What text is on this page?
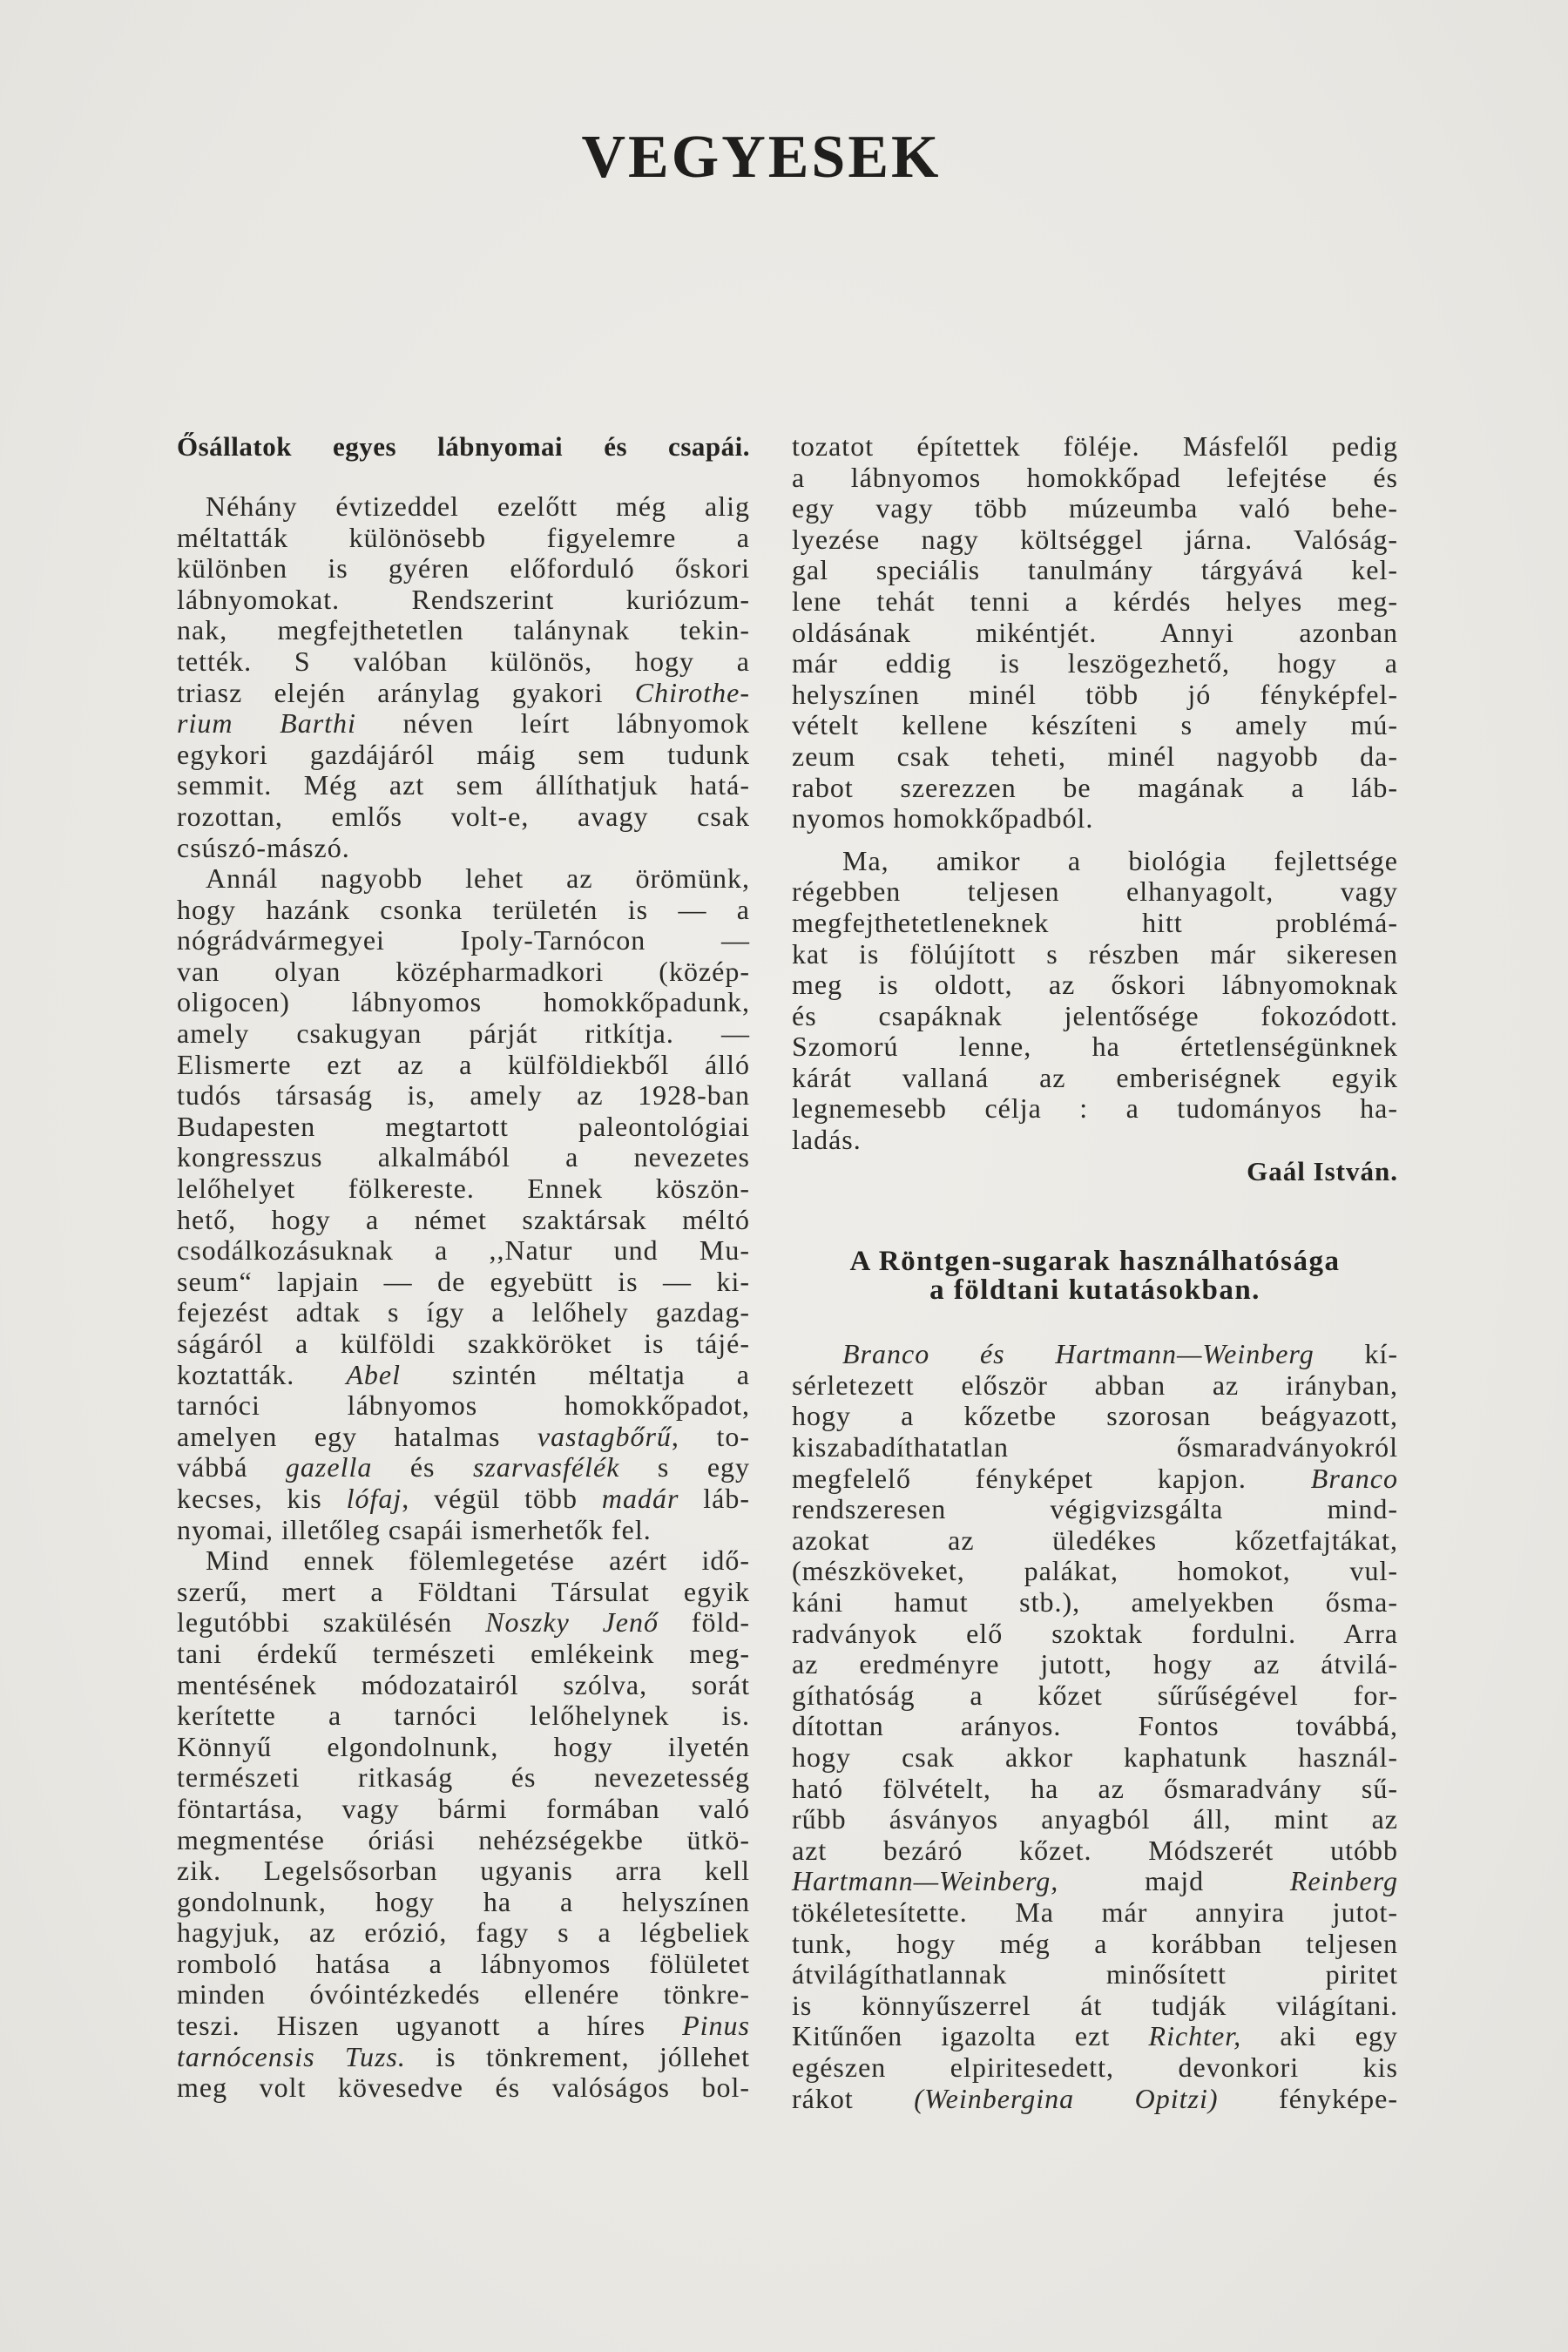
VEGYESEK
Ősállatok egyes lábnyomai és csapái.
Néhány évtizeddel ezelőtt még alig
méltatták különösebb figyelemre a
különben is gyéren előforduló őskori
lábnyomokat. Rendszerint kuriózum-
nak, megfejthetetlen talánynak tekin-
tették. S valóban különös, hogy a
triasz elején aránylag gyakori Chirothe-
rium Barthi néven leírt lábnyomok
egykori gazdájáról máig sem tudunk
semmit. Még azt sem állíthatjuk hatá-
rozottan, emlős volt-e, avagy csak
csúszó-mászó.
Annál nagyobb lehet az örömünk,
hogy hazánk csonka területén is — a
nógrádvármegyei Ipoly-Tarnócon —
van olyan középharmadkori (közép-
oligocen) lábnyomos homokkőpadunk,
amely csakugyan párját ritkítja. —
Elismerte ezt az a külföldiekből álló
tudós társaság is, amely az 1928-ban
Budapesten megtartott paleontológiai
kongresszus alkalmából a nevezetes
lelőhelyet fölkereste. Ennek köszön-
hető, hogy a német szaktársak méltó
csodálkozásuknak a ,,Natur und Mu-
seum“ lapjain — de egyebütt is — ki-
fejezést adtak s így a lelőhely gazdag-
ságáról a külföldi szakköröket is tájé-
koztatták. Abel szintén méltatja a
tarnóci lábnyomos homokkőpadot,
amelyen egy hatalmas vastagbőrű, to-
vábbá gazella és szarvasfélék s egy
kecses, kis lófaj, végül több madár láb-
nyomai, illetőleg csapái ismerhetők fel.
Mind ennek fölemlegetése azért idő-
szerű, mert a Földtani Társulat egyik
legutóbbi szakülésén Noszky Jenő föld-
tani érdekű természeti emlékeink meg-
mentésének módozatairól szólva, sorát
kerítette a tarnóci lelőhelynek is.
Könnyű elgondolnunk, hogy ilyetén
természeti ritkaság és nevezetesség
föntartása, vagy bármi formában való
megmentése óriási nehézségekbe ütkö-
zik. Legelsősorban ugyanis arra kell
gondolnunk, hogy ha a helyszínen
hagyjuk, az erózió, fagy s a légbeliek
romboló hatása a lábnyomos fölületet
minden óvóintézkedés ellenére tönkre-
teszi. Hiszen ugyanott a híres Pinus
tarnócensis Tuzs. is tönkrement, jóllehet
meg volt kövesedve és valóságos bol-
tozatot építettek föléje. Másfelől pedig
a lábnyomos homokkőpad lefejtése és
egy vagy több múzeumba való behe-
lyezése nagy költséggel járna. Valóság-
gal speciális tanulmány tárgyává kel-
lene tehát tenni a kérdés helyes meg-
oldásának mikéntjét. Annyi azonban
már eddig is leszögezhető, hogy a
helyszínen minél több jó fényképfel-
vételt kellene készíteni s amely mú-
zeum csak teheti, minél nagyobb da-
rabot szerezzen be magának a láb-
nyomos homokkőpadból.
Ma, amikor a biológia fejlettsége
régebben teljesen elhanyagolt, vagy
megfejthetetleneknek hitt problémá-
kat is fölújított s részben már sikeresen
meg is oldott, az őskori lábnyomoknak
és csapáknak jelentősége fokozódott.
Szomorú lenne, ha értetlenségünknek
kárát vallaná az emberiségnek egyik
legnemesebb célja : a tudományos ha-
ladás.
Gaál István.
A Röntgen-sugarak használhatósága
a földtani kutatásokban.
Branco és Hartmann—Weinberg kí-
sérletezett először abban az irányban,
hogy a kőzetbe szorosan beágyazott,
kiszabadíthatatlan ősmaradványokról
megfelelő fényképet kapjon. Branco
rendszeresen végigvizsgálta mind-
azokat az üledékes kőzetfajtákat,
(mészköveket, palákat, homokot, vul-
káni hamut stb.), amelyekben ősma-
radványok elő szoktak fordulni. Arra
az eredményre jutott, hogy az átvilá-
gíthatóság a kőzet sűrűségével for-
dítottan arányos. Fontos továbbá,
hogy csak akkor kaphatunk használ-
ható fölvételt, ha az ősmaradvány sű-
rűbb ásványos anyagból áll, mint az
azt bezáró kőzet. Módszerét utóbb
Hartmann—Weinberg, majd Reinberg
tökéletesítette. Ma már annyira jutot-
tunk, hogy még a korábban teljesen
átvilágíthatlannak minősített piritet
is könnyűszerrel át tudják világítani.
Kitűnően igazolta ezt Richter, aki egy
egészen elpiritesedett, devonkori kis
rákot (Weinbergina Opitzi) fényképe-
